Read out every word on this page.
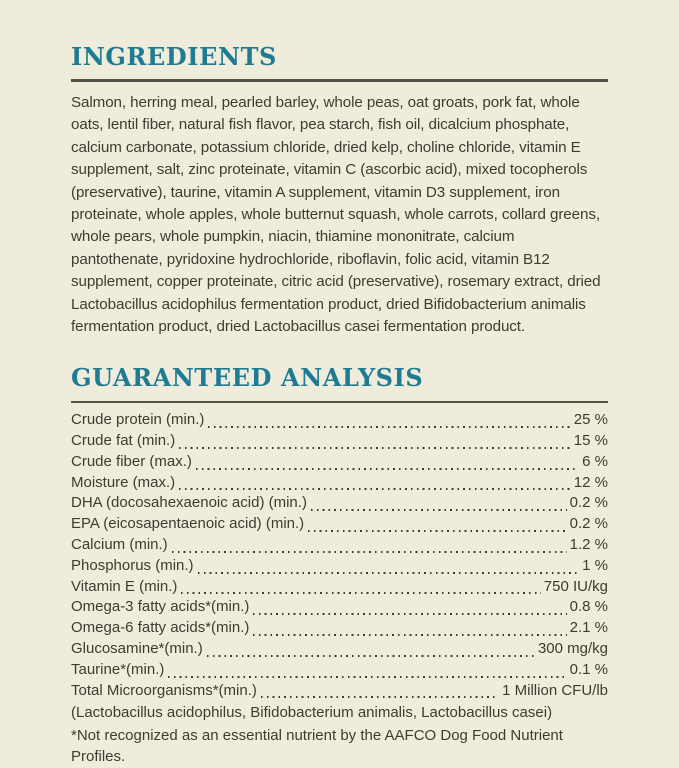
INGREDIENTS

Salmon, herring meal, pearled barley, whole peas, oat groats, pork fat, whole oats, lentil fiber, natural fish flavor, pea starch, fish oil, dicalcium phosphate, calcium carbonate, potassium chloride, dried kelp, choline chloride, vitamin E supplement, salt, zinc proteinate, vitamin C (ascorbic acid), mixed tocopherols (preservative), taurine, vitamin A supplement, vitamin D3 supplement, iron proteinate, whole apples, whole butternut squash, whole carrots, collard greens, whole pears, whole pumpkin, niacin, thiamine mononitrate, calcium pantothenate, pyridoxine hydrochloride, riboflavin, folic acid, vitamin B12 supplement, copper proteinate, citric acid (preservative), rosemary extract, dried Lactobacillus acidophilus fermentation product, dried Bifidobacterium animalis fermentation product, dried Lactobacillus casei fermentation product.

GUARANTEED ANALYSIS
Crude protein (min.)	25 %
Crude fat (min.)	15 %
Crude fiber (max.)	6 %
Moisture (max.)	12 %
DHA (docosahexaenoic acid) (min.)	0.2 %
EPA (eicosapentaenoic acid) (min.)	0.2 %
Calcium (min.)	1.2 %
Phosphorus (min.)	1 %
Vitamin E (min.)	750 IU/kg
Omega-3 fatty acids*(min.)	0.8 %
Omega-6 fatty acids*(min.)	2.1 %
Glucosamine*(min.)	300 mg/kg
Taurine*(min.)	0.1 %
Total Microorganisms*(min.)	1 Million CFU/lb

(Lactobacillus acidophilus, Bifidobacterium animalis, Lactobacillus casei)

*Not recognized as an essential nutrient by the AAFCO Dog Food Nutrient Profiles.
